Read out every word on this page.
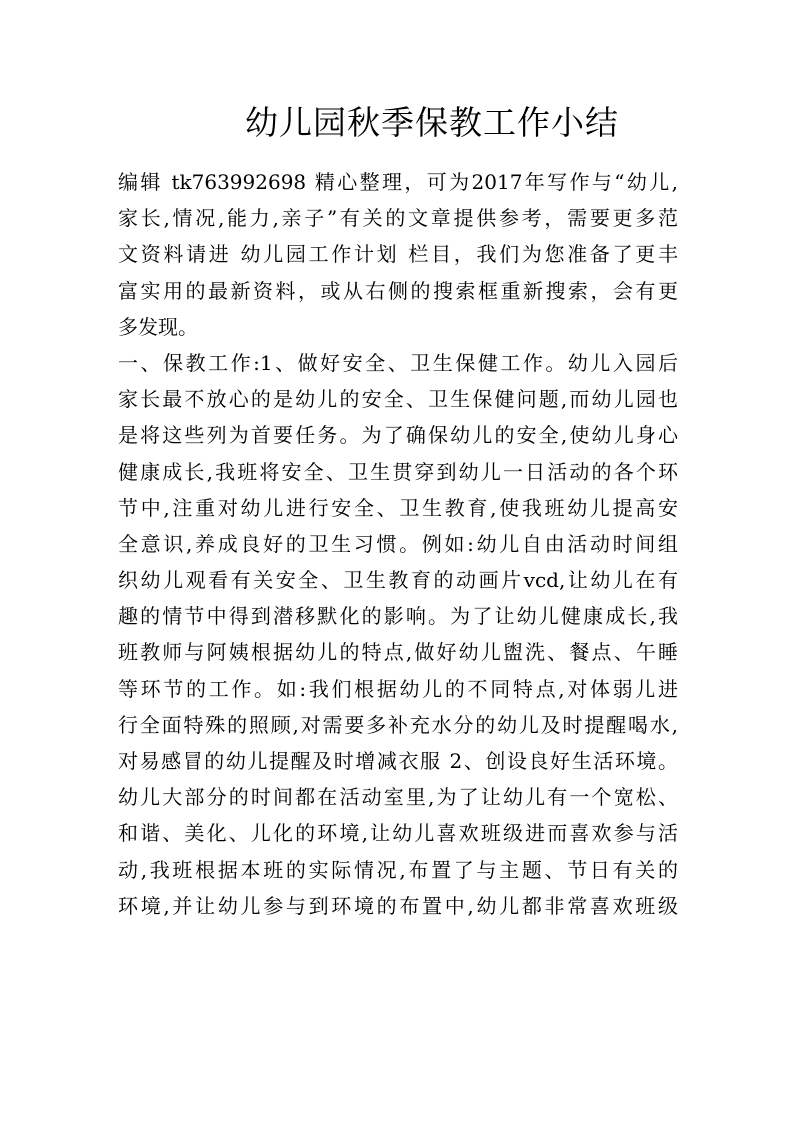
幼儿园秋季保教工作小结
编辑 tk763992698 精心整理，可为2017年写作与“幼儿,
家长,情况,能力,亲子”有关的文章提供参考，需要更多范
文资料请进 幼儿园工作计划 栏目，我们为您准备了更丰
富实用的最新资料，或从右侧的搜索框重新搜索，会有更
多发现。
一、保教工作:1、做好安全、卫生保健工作。幼儿入园后
家长最不放心的是幼儿的安全、卫生保健问题,而幼儿园也
是将这些列为首要任务。为了确保幼儿的安全,使幼儿身心
健康成长,我班将安全、卫生贯穿到幼儿一日活动的各个环
节中,注重对幼儿进行安全、卫生教育,使我班幼儿提高安
全意识,养成良好的卫生习惯。例如:幼儿自由活动时间组
织幼儿观看有关安全、卫生教育的动画片vcd,让幼儿在有
趣的情节中得到潜移默化的影响。为了让幼儿健康成长,我
班教师与阿姨根据幼儿的特点,做好幼儿盥洗、餐点、午睡
等环节的工作。如:我们根据幼儿的不同特点,对体弱儿进
行全面特殊的照顾,对需要多补充水分的幼儿及时提醒喝水,
对易感冒的幼儿提醒及时增减衣服 2、创设良好生活环境。
幼儿大部分的时间都在活动室里,为了让幼儿有一个宽松、
和谐、美化、儿化的环境,让幼儿喜欢班级进而喜欢参与活
动,我班根据本班的实际情况,布置了与主题、节日有关的
环境,并让幼儿参与到环境的布置中,幼儿都非常喜欢班级
